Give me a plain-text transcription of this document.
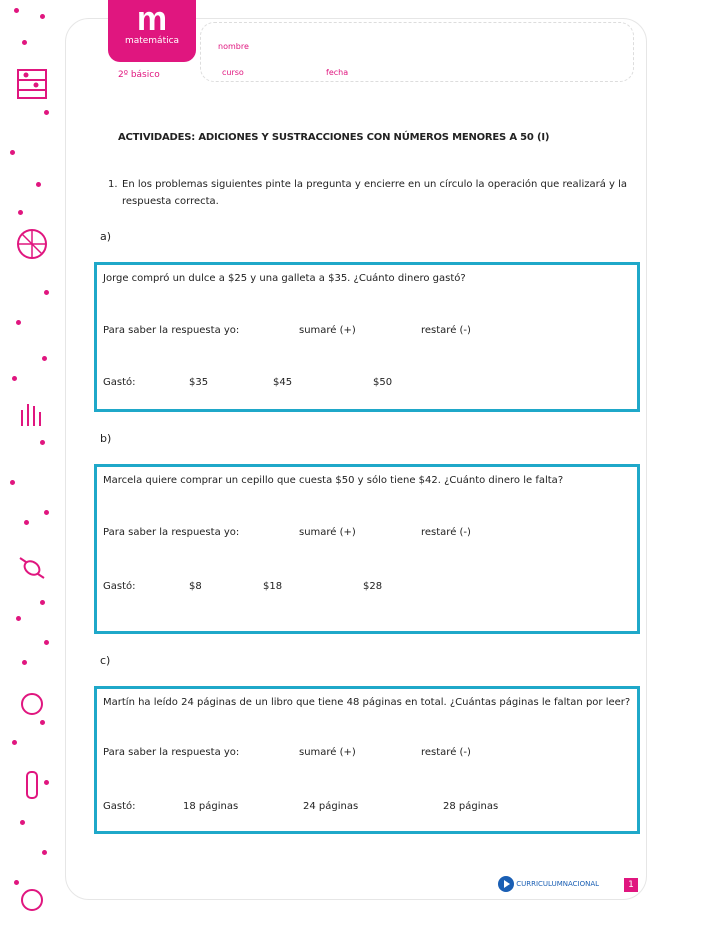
m
matemática
2º básico
nombre
curso	fecha
ACTIVIDADES: ADICIONES Y SUSTRACCIONES CON NÚMEROS MENORES A 50 (I)
1. En los problemas siguientes pinte la pregunta y encierre en un círculo la operación que realizará y la respuesta correcta.
a)
Jorge compró un dulce a $25 y una galleta a $35. ¿Cuánto dinero gastó?
Para saber la respuesta yo:	sumaré (+)	restaré (-)
Gastó:	$35	$45	$50
b)
Marcela quiere comprar un cepillo que cuesta $50 y sólo tiene $42. ¿Cuánto dinero le falta?
Para saber la respuesta yo:	sumaré (+)	restaré (-)
Gastó:	$8	$18	$28
c)
Martín ha leído 24 páginas de un libro que tiene 48 páginas en total. ¿Cuántas páginas le faltan por leer?
Para saber la respuesta yo:	sumaré (+)	restaré (-)
Gastó:	18 páginas	24 páginas	28 páginas
CURRICULUMNACIONAL	1
